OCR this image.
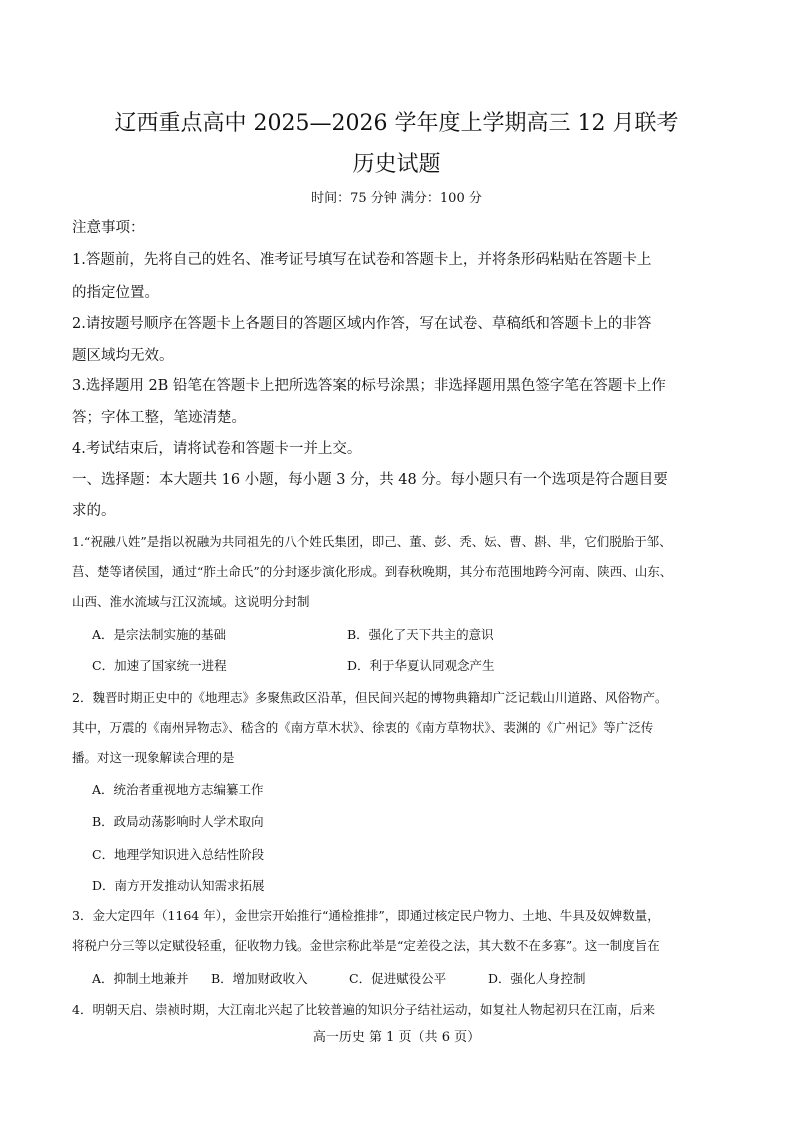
辽西重点高中 2025—2026 学年度上学期高三 12 月联考
历史试题
时间：75 分钟 满分：100 分
注意事项：
1.答题前，先将自己的姓名、准考证号填写在试卷和答题卡上，并将条形码粘贴在答题卡上
的指定位置。
2.请按题号顺序在答题卡上各题目的答题区域内作答，写在试卷、草稿纸和答题卡上的非答
题区域均无效。
3.选择题用 2B 铅笔在答题卡上把所选答案的标号涂黑；非选择题用黑色签字笔在答题卡上作
答；字体工整，笔迹清楚。
4.考试结束后，请将试卷和答题卡一并上交。
一、选择题：本大题共 16 小题，每小题 3 分，共 48 分。每小题只有一个选项是符合题目要
求的。
1.“祝融八姓”是指以祝融为共同祖先的八个姓氏集团，即己、董、彭、秃、妘、曹、斟、芈，它们脱胎于邹、
莒、楚等诸侯国，通过“胙土命氏”的分封逐步演化形成。到春秋晚期，其分布范围地跨今河南、陕西、山东、
山西、淮水流域与江汉流域。这说明分封制
A．是宗法制实施的基础	B．强化了天下共主的意识
C．加速了国家统一进程	D．利于华夏认同观念产生
2．魏晋时期正史中的《地理志》多聚焦政区沿革，但民间兴起的博物典籍却广泛记载山川道路、风俗物产。
其中，万震的《南州异物志》、嵇含的《南方草木状》、徐衷的《南方草物状》、裴渊的《广州记》等广泛传
播。对这一现象解读合理的是
A．统治者重视地方志编纂工作
B．政局动荡影响时人学术取向
C．地理学知识进入总结性阶段
D．南方开发推动认知需求拓展
3．金大定四年（1164 年），金世宗开始推行“通检推排”，即通过核定民户物力、土地、牛具及奴婢数量，
将税户分三等以定赋役轻重，征收物力钱。金世宗称此举是“定差役之法，其大数不在多寡”。这一制度旨在
A．抑制土地兼并 B．增加财政收入	C．促进赋役公平	D．强化人身控制
4．明朝天启、崇祯时期，大江南北兴起了比较普遍的知识分子结社运动，如复社人物起初只在江南，后来
高一历史 第 1 页（共 6 页）
